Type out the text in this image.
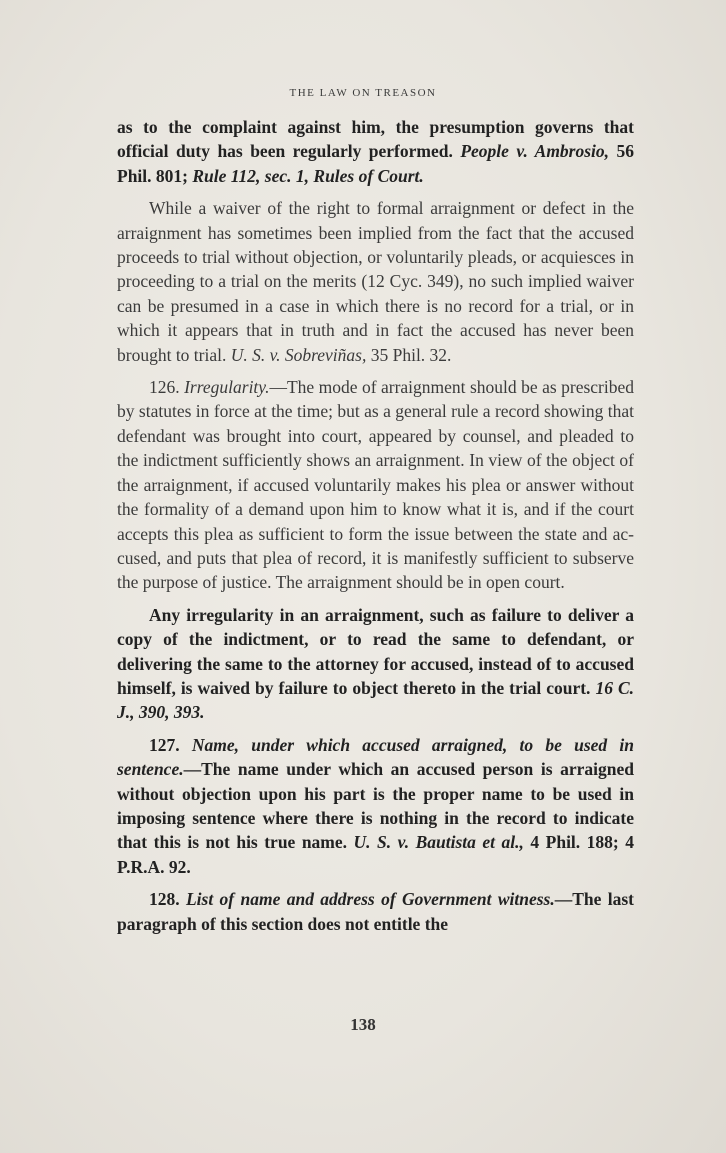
THE LAW ON TREASON

as to the complaint against him, the presumption governs that official duty has been regularly performed. People v. Ambrosio, 56 Phil. 801; Rule 112, sec. 1, Rules of Court.

While a waiver of the right to formal arraignment or defect in the arraignment has sometimes been implied from the fact that the accused proceeds to trial without objection, or voluntarily pleads, or acquiesces in proceeding to a trial on the merits (12 Cyc. 349), no such implied waiver can be presumed in a case in which there is no record for a trial, or in which it appears that in truth and in fact the accused has never been brought to trial. U. S. v. Sobreviñas, 35 Phil. 32.

126. Irregularity.—The mode of arraignment should be as prescribed by statutes in force at the time; but as a general rule a record showing that defendant was brought into court, appeared by counsel, and pleaded to the indictment sufficiently shows an arraignment. In view of the object of the arraignment, if accused voluntarily makes his plea or answer without the formality of a demand upon him to know what it is, and if the court accepts this plea as sufficient to form the issue between the state and accused, and puts that plea of record, it is manifestly sufficient to subserve the purpose of justice. The arraignment should be in open court.

Any irregularity in an arraignment, such as failure to deliver a copy of the indictment, or to read the same to defendant, or delivering the same to the attorney for accused, instead of to accused himself, is waived by failure to object thereto in the trial court. 16 C. J., 390, 393.

127. Name, under which accused arraigned, to be used in sentence.—The name under which an accused person is arraigned without objection upon his part is the proper name to be used in imposing sentence where there is nothing in the record to indicate that this is not his true name. U. S. v. Bautista et al., 4 Phil. 188; 4 P.R.A. 92.

128. List of name and address of Government witness.—The last paragraph of this section does not entitle the

138
